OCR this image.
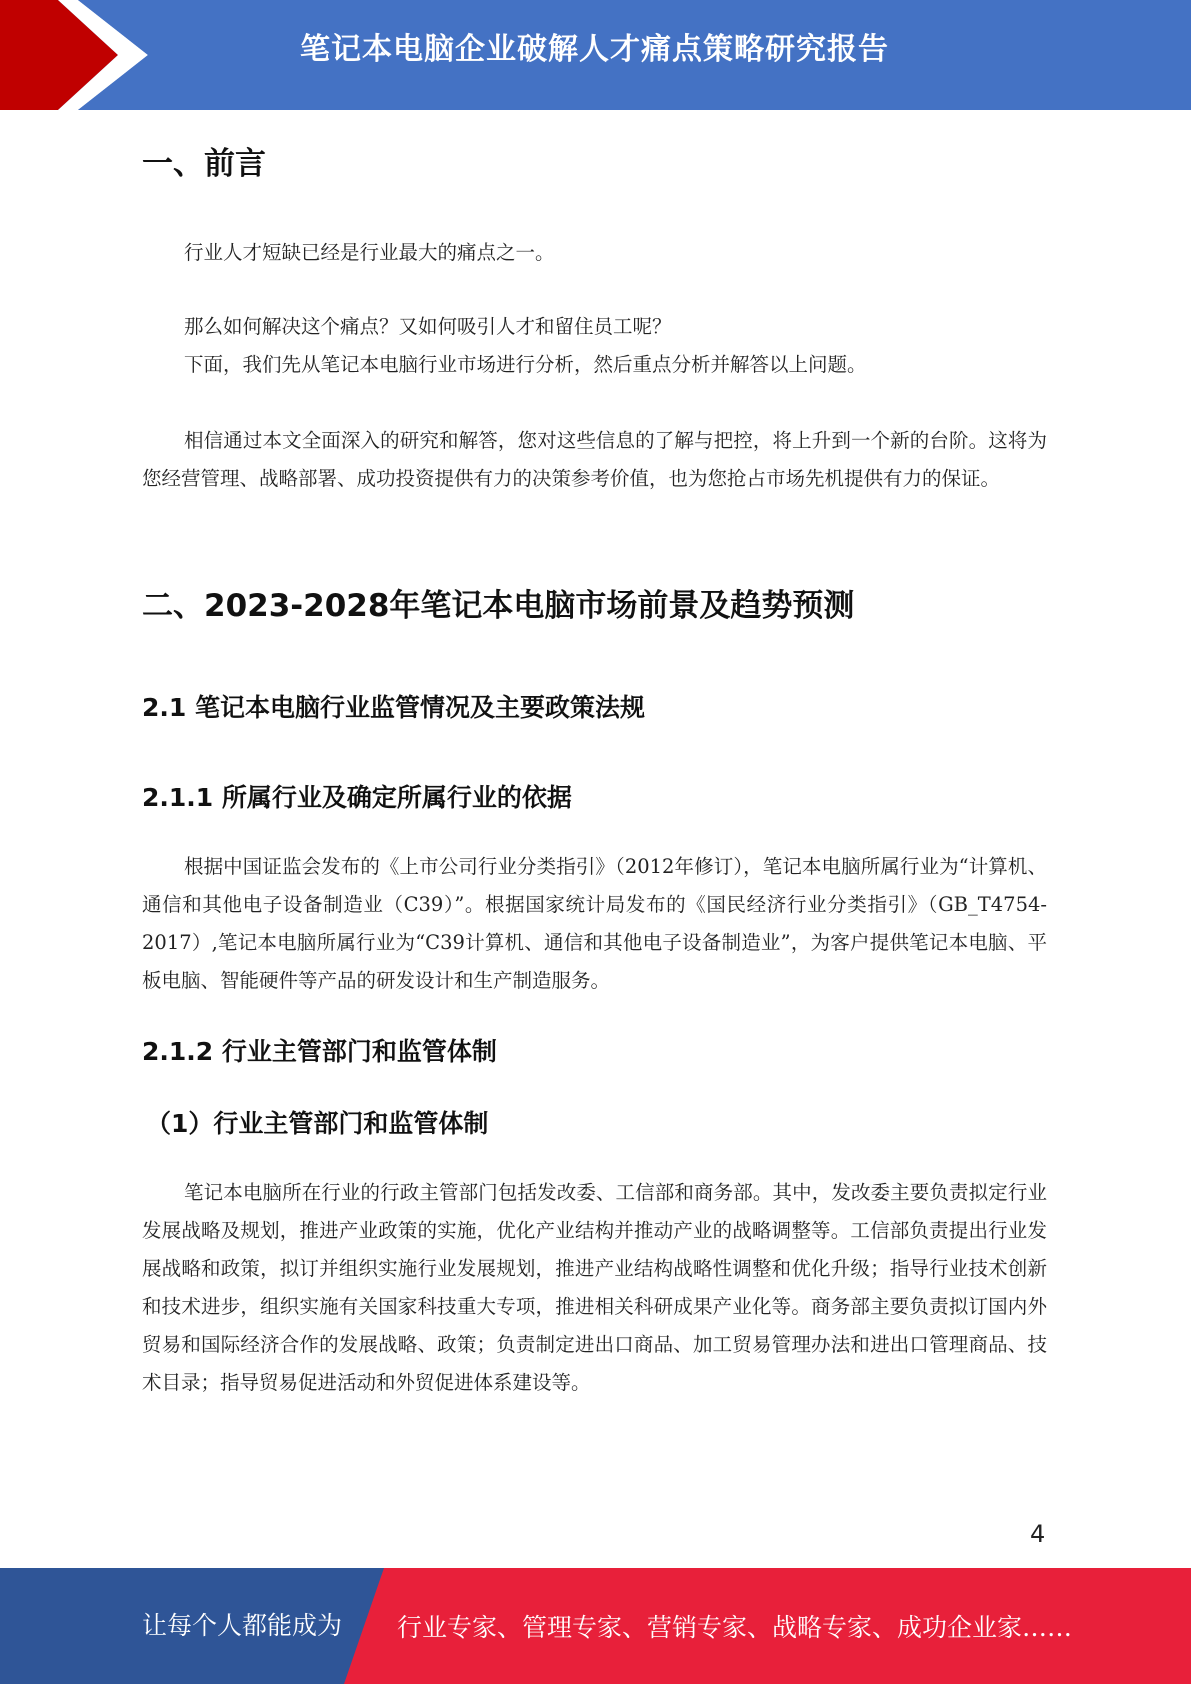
笔记本电脑企业破解人才痛点策略研究报告
一、前言

行业人才短缺已经是行业最大的痛点之一。

那么如何解决这个痛点？又如何吸引人才和留住员工呢？

下面，我们先从笔记本电脑行业市场进行分析，然后重点分析并解答以上问题。

相信通过本文全面深入的研究和解答，您对这些信息的了解与把控，将上升到一个新的台阶。这将为您经营管理、战略部署、成功投资提供有力的决策参考价值，也为您抢占市场先机提供有力的保证。

二、2023-2028年笔记本电脑市场前景及趋势预测
2.1 笔记本电脑行业监管情况及主要政策法规
2.1.1 所属行业及确定所属行业的依据

根据中国证监会发布的《上市公司行业分类指引》（2012年修订），笔记本电脑所属行业为“计算机、通信和其他电子设备制造业（C39）”。根据国家统计局发布的《国民经济行业分类指引》（GB_T4754-2017）,笔记本电脑所属行业为“C39计算机、通信和其他电子设备制造业”，为客户提供笔记本电脑、平板电脑、智能硬件等产品的研发设计和生产制造服务。

2.1.2 行业主管部门和监管体制
（1）行业主管部门和监管体制

笔记本电脑所在行业的行政主管部门包括发改委、工信部和商务部。其中，发改委主要负责拟定行业发展战略及规划，推进产业政策的实施，优化产业结构并推动产业的战略调整等。工信部负责提出行业发展战略和政策，拟订并组织实施行业发展规划，推进产业结构战略性调整和优化升级；指导行业技术创新和技术进步，组织实施有关国家科技重大专项，推进相关科研成果产业化等。商务部主要负责拟订国内外贸易和国际经济合作的发展战略、政策；负责制定进出口商品、加工贸易管理办法和进出口管理商品、技术目录；指导贸易促进活动和外贸促进体系建设等。

4
让每个人都能成为 行业专家、管理专家、营销专家、战略专家、成功企业家……
